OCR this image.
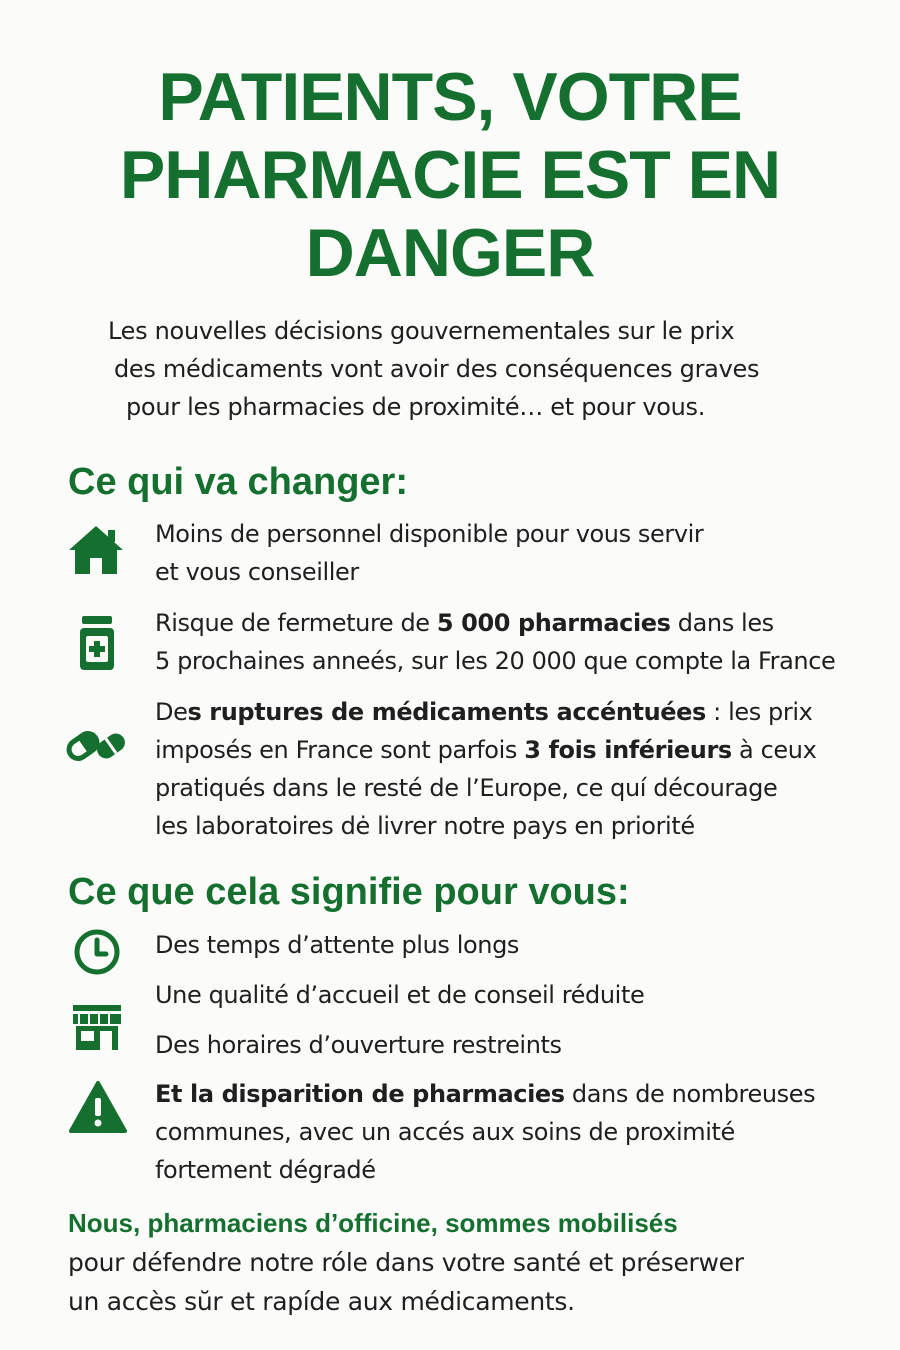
PATIENTS, VOTRE
PHARMACIE EST EN
DANGER
Les nouvelles décisions gouvernementales sur le prix
des médicaments vont avoir des conséquences graves
pour les pharmacies de proximité… et pour vous.
Ce qui va changer:
Moins de personnel disponible pour vous servir
et vous conseiller
Risque de fermeture de 5 000 pharmacies dans les
5 prochaines anneés, sur les 20 000 que compte la France
Des ruptures de médicaments accéntuées : les prix
imposés en France sont parfois 3 fois inférieurs à ceux
pratiqués dans le resté de l’Europe, ce quí décourage
les laboratoires dė livrer notre pays en priorité
Ce que cela signifie pour vous:
Des temps d’attente plus longs
Une qualité d’accueil et de conseil réduite
Des horaires d’ouverture restreints
Et la disparition de pharmacies dans de nombreuses
communes, avec un accés aux soins de proximité
fortement dégradé
Nous, pharmaciens d’officine, sommes mobilisés
pour défendre notre róle dans votre santé et préserwer
un accès sŭr et rapíde aux médicaments.
